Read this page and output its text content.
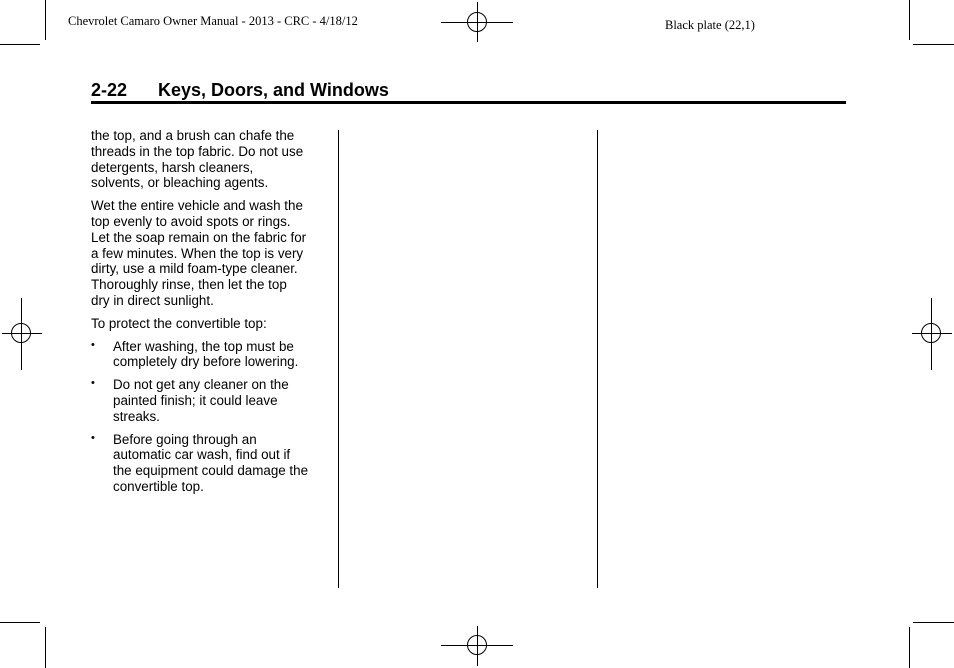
Chevrolet Camaro Owner Manual - 2013 - CRC - 4/18/12	Black plate (22,1)
2-22 Keys, Doors, and Windows

the top, and a brush can chafe the
threads in the top fabric. Do not use
detergents, harsh cleaners,
solvents, or bleaching agents.

Wet the entire vehicle and wash the
top evenly to avoid spots or rings.
Let the soap remain on the fabric for
a few minutes. When the top is very
dirty, use a mild foam-type cleaner.
Thoroughly rinse, then let the top
dry in direct sunlight.

To protect the convertible top:

• After washing, the top must be
completely dry before lowering.
• Do not get any cleaner on the
painted finish; it could leave
streaks.
• Before going through an
automatic car wash, find out if
the equipment could damage the
convertible top.
